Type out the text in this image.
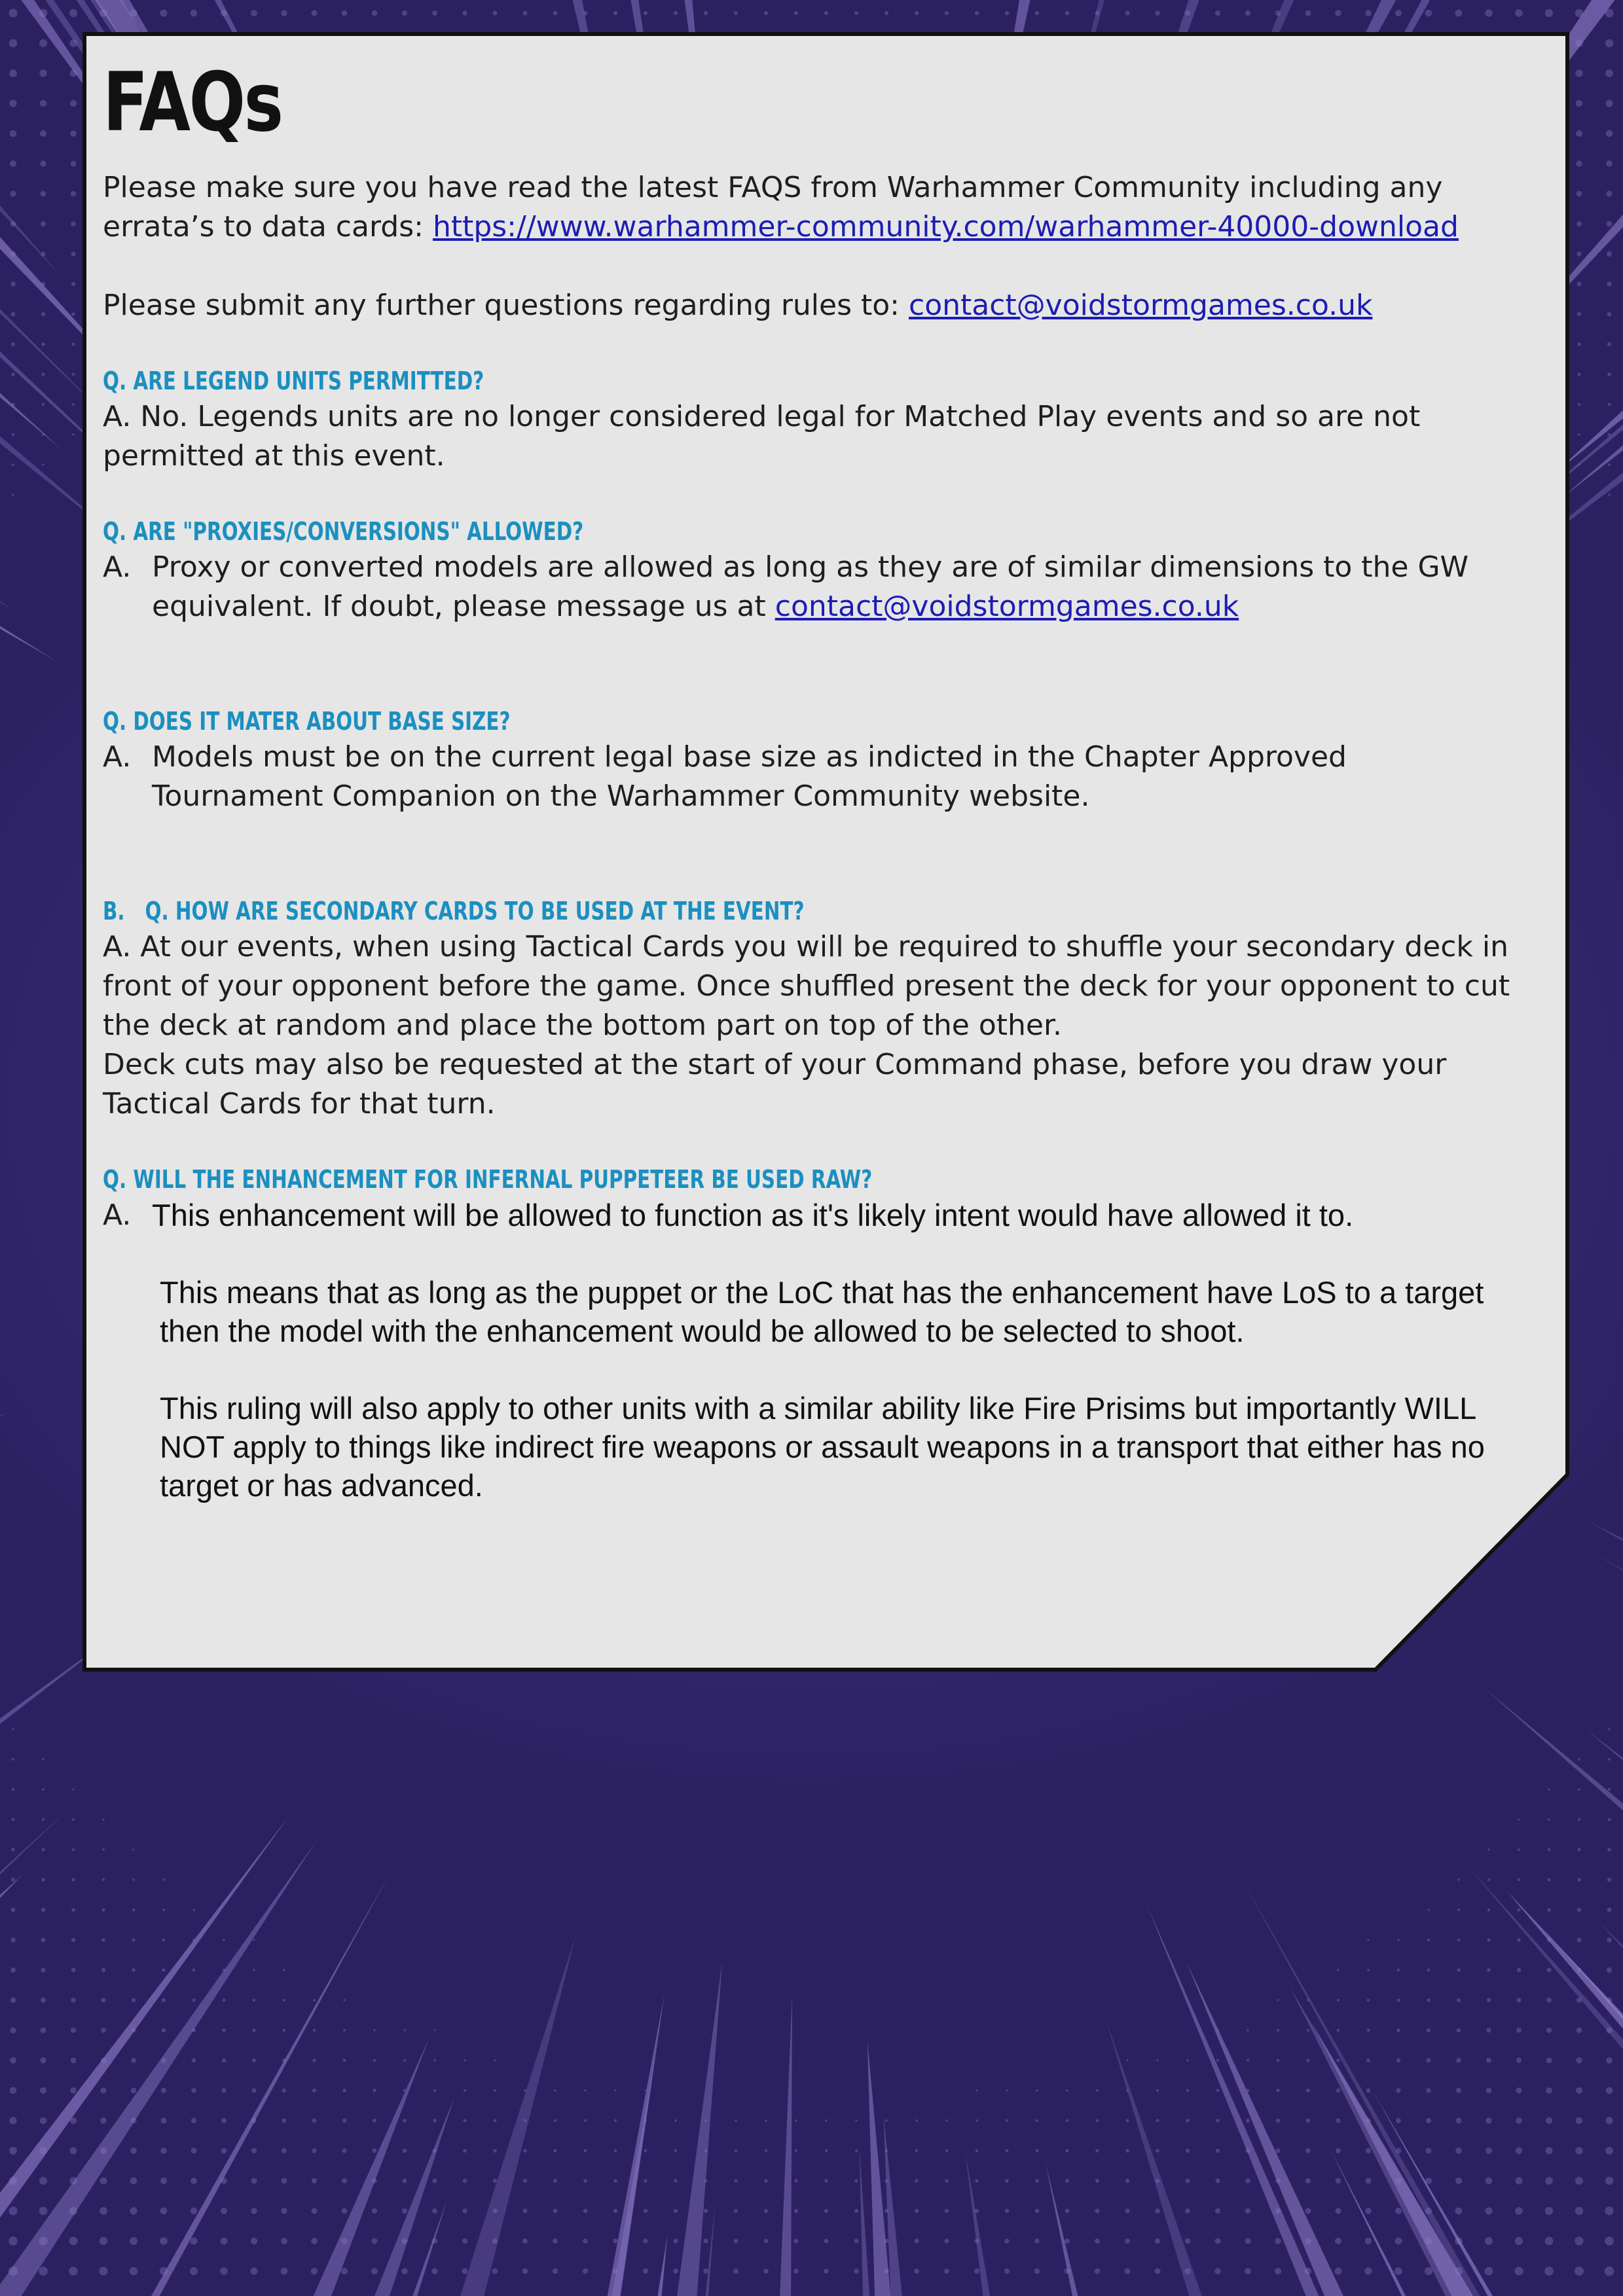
FAQs

Please make sure you have read the latest FAQS from Warhammer Community including any errata’s to data cards: https://www.warhammer-community.com/warhammer-40000-download

Please submit any further questions regarding rules to: contact@voidstormgames.co.uk

Q. ARE LEGEND UNITS PERMITTED?

A. No. Legends units are no longer considered legal for Matched Play events and so are not permitted at this event.

Q. ARE "PROXIES/CONVERSIONS" ALLOWED?

A. Proxy or converted models are allowed as long as they are of similar dimensions to the GW equivalent. If doubt, please message us at contact@voidstormgames.co.uk

Q. DOES IT MATER ABOUT BASE SIZE?

A. Models must be on the current legal base size as indicted in the Chapter Approved Tournament Companion on the Warhammer Community website.

B. Q. HOW ARE SECONDARY CARDS TO BE USED AT THE EVENT?

A. At our events, when using Tactical Cards you will be required to shuffle your secondary deck in front of your opponent before the game. Once shuffled present the deck for your opponent to cut the deck at random and place the bottom part on top of the other.

Deck cuts may also be requested at the start of your Command phase, before you draw your Tactical Cards for that turn.

Q. WILL THE ENHANCEMENT FOR INFERNAL PUPPETEER BE USED RAW?

A. This enhancement will be allowed to function as it's likely intent would have allowed it to.

This means that as long as the puppet or the LoC that has the enhancement have LoS to a target then the model with the enhancement would be allowed to be selected to shoot.

This ruling will also apply to other units with a similar ability like Fire Prisims but importantly WILL NOT apply to things like indirect fire weapons or assault weapons in a transport that either has no target or has advanced.
